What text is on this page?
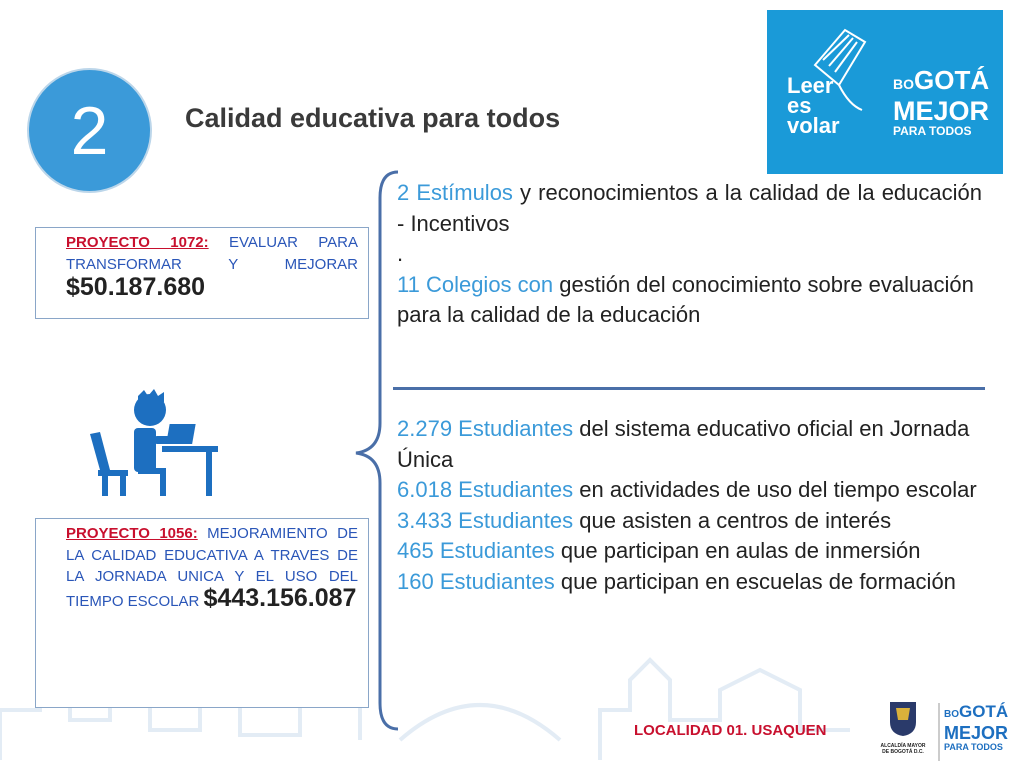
2	Calidad educativa para todos
Leer
es
volar
BOGOTÁ
MEJOR
PARA TODOS
PROYECTO 1072: EVALUAR PARA TRANSFORMAR Y MEJORAR $50.187.680
PROYECTO 1056: MEJORAMIENTO DE LA CALIDAD EDUCATIVA A TRAVES DE LA JORNADA UNICA Y EL USO DEL TIEMPO ESCOLAR $443.156.087
2 Estímulos y reconocimientos a la calidad de la educación - Incentivos
.
11 Colegios con gestión del conocimiento sobre evaluación para la calidad de la educación
2.279 Estudiantes del sistema educativo oficial en Jornada Única
6.018 Estudiantes en actividades de uso del tiempo escolar
3.433 Estudiantes que asisten a centros de interés
465 Estudiantes que participan en aulas de inmersión
160 Estudiantes que participan en escuelas de formación
LOCALIDAD 01. USAQUEN
ALCALDÍA MAYOR
DE BOGOTÁ D.C.
BOGOTÁ
MEJOR
PARA TODOS
